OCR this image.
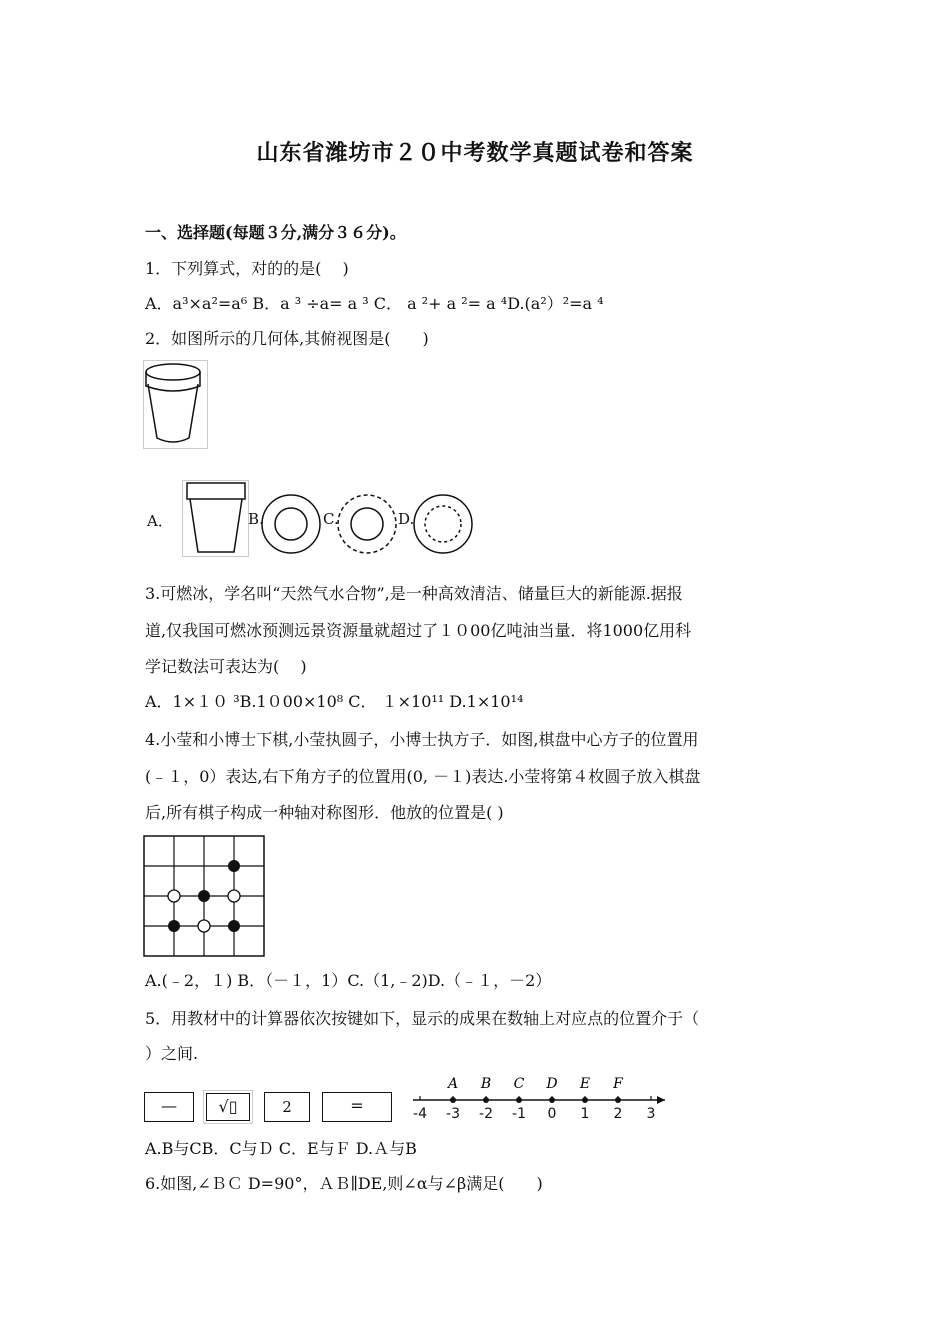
山东省潍坊市２０中考数学真题试卷和答案
一、选择题(每题３分,满分３６分)。
1．下列算式，对的的是(　 )
A．a³×a²=a⁶ B．a ³ ÷a= a ³ C． a ²+ a ²= a ⁴D.(a²）²=a ⁴
2．如图所示的几何体,其俯视图是(　　)
A．	B.	C.	D.
3.可燃冰，学名叫“天然气水合物”,是一种高效清洁、储量巨大的新能源.据报
道,仅我国可燃冰预测远景资源量就超过了１０00亿吨油当量．将1000亿用科
学记数法可表达为(　 )
A．1×１０ ³B.1０00×10⁸ C． １×10¹¹ D.1×10¹⁴
4.小莹和小博士下棋,小莹执圆子，小博士执方子．如图,棋盘中心方子的位置用
(﹣１，0）表达,右下角方子的位置用(0, －１)表达.小莹将第４枚圆子放入棋盘
后,所有棋子构成一种轴对称图形．他放的位置是( )
A.(﹣2，１) B．（－１，1）C.（1,﹣2)D.（﹣１，－2）
5．用教材中的计算器依次按键如下，显示的成果在数轴上对应点的位置介于（
）之间.
—	√▯	2	=	-4 -3 -2 -1 0 1 2 3
A B C D E F
A.B与CB．C与Ｄ C．E与Ｆ D.Ａ与B
6.如图,∠ＢＣ D=90°，ＡＢ∥DE,则∠α与∠β满足(　　)
